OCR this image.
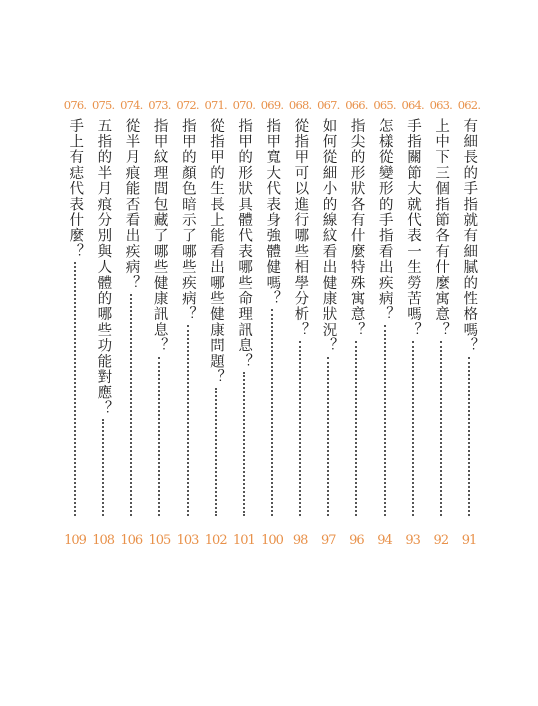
062.
有細長的手指就有細膩的性格嗎？
91
063.
上中下三個指節各有什麼寓意？
92
064.
手指關節大就代表一生勞苦嗎？
93
065.
怎樣從變形的手指看出疾病？
94
066.
指尖的形狀各有什麼特殊寓意？
96
067.
如何從細小的線紋看出健康狀況？
97
068.
從指甲可以進行哪些相學分析？
98
069.
指甲寬大代表身強體健嗎？
100
070.
指甲的形狀具體代表哪些命理訊息？
101
071.
從指甲的生長上能看出哪些健康問題？
102
072.
指甲的顏色暗示了哪些疾病？
103
073.
指甲紋理間包藏了哪些健康訊息？
105
074.
從半月痕能否看出疾病？
106
075.
五指的半月痕分別與人體的哪些功能對應？
108
076.
手上有痣代表什麼？
109
